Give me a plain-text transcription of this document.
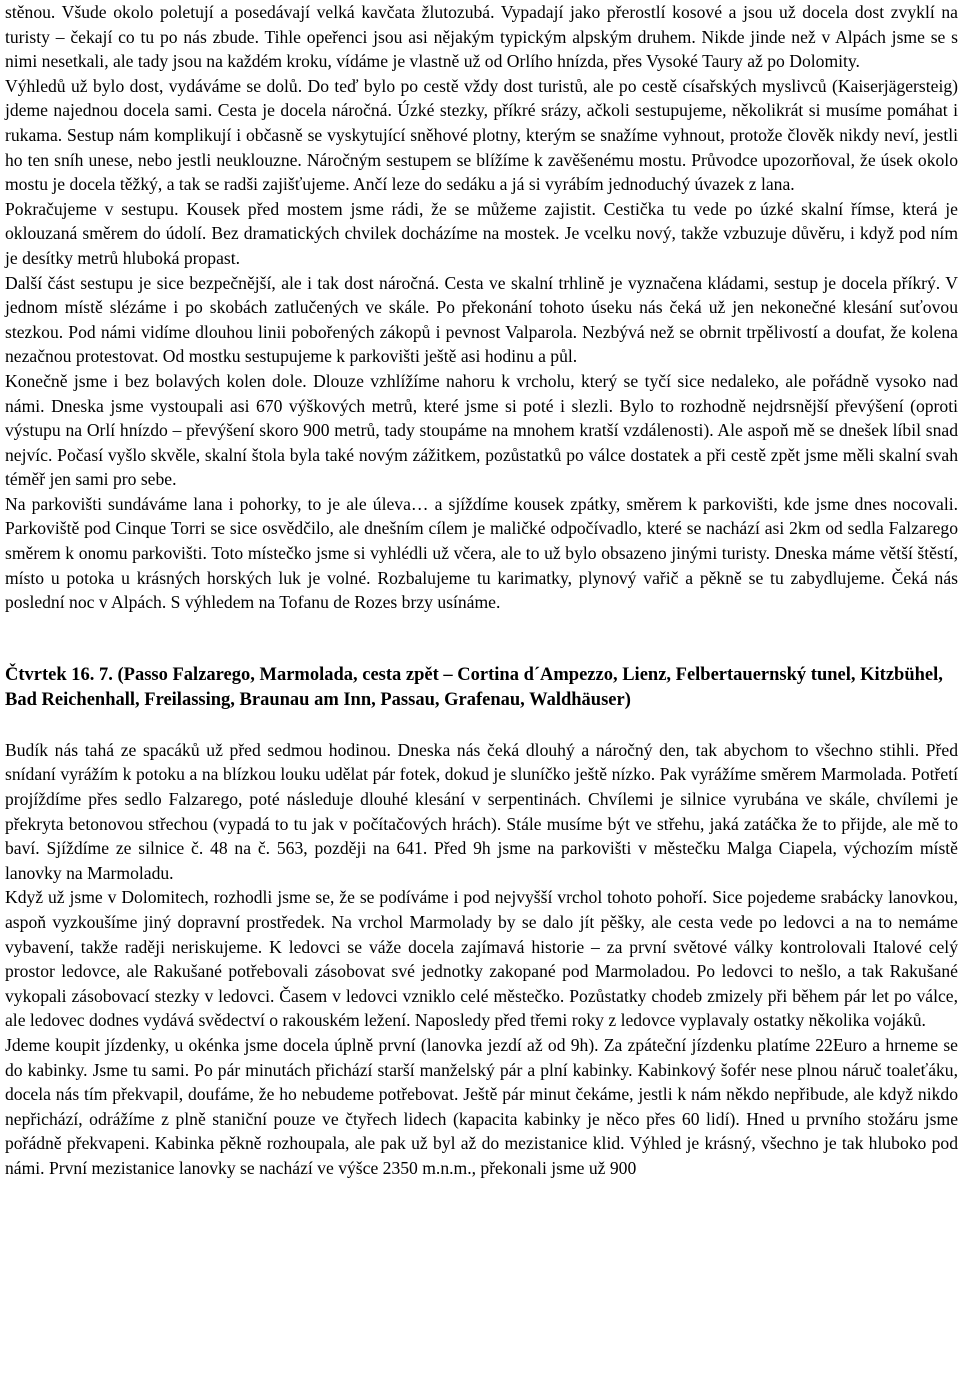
stěnou. Všude okolo poletují a posedávají velká kavčata žlutozubá. Vypadají jako přerostlí kosové a jsou už docela dost zvyklí na turisty – čekají co tu po nás zbude. Tihle opeřenci jsou asi nějakým typickým alpským druhem. Nikde jinde než v Alpách jsme se s nimi nesetkali, ale tady jsou na každém kroku, vídáme je vlastně už od Orlího hnízda, přes Vysoké Taury až po Dolomity.

Výhledů už bylo dost, vydáváme se dolů. Do teď bylo po cestě vždy dost turistů, ale po cestě císařských myslivců (Kaiserjägersteig) jdeme najednou docela sami. Cesta je docela náročná. Úzké stezky, příkré srázy, ačkoli sestupujeme, několikrát si musíme pomáhat i rukama. Sestup nám komplikují i občasně se vyskytující sněhové plotny, kterým se snažíme vyhnout, protože člověk nikdy neví, jestli ho ten sníh unese, nebo jestli neuklouzne. Náročným sestupem se blížíme k zavěšenému mostu. Průvodce upozorňoval, že úsek okolo mostu je docela těžký, a tak se radši zajišťujeme. Ančí leze do sedáku a já si vyrábím jednoduchý úvazek z lana.

Pokračujeme v sestupu. Kousek před mostem jsme rádi, že se můžeme zajistit. Cestička tu vede po úzké skalní římse, která je oklouzaná směrem do údolí. Bez dramatických chvilek docházíme na mostek. Je vcelku nový, takže vzbuzuje důvěru, i když pod ním je desítky metrů hluboká propast.

Další část sestupu je sice bezpečnější, ale i tak dost náročná. Cesta ve skalní trhlině je vyznačena kládami, sestup je docela příkrý. V jednom místě slézáme i po skobách zatlučených ve skále. Po překonání tohoto úseku nás čeká už jen nekonečné klesání suťovou stezkou. Pod námi vidíme dlouhou linii pobořených zákopů i pevnost Valparola. Nezbývá než se obrnit trpělivostí a doufat, že kolena nezačnou protestovat. Od mostku sestupujeme k parkovišti ještě asi hodinu a půl.

Konečně jsme i bez bolavých kolen dole. Dlouze vzhlížíme nahoru k vrcholu, který se tyčí sice nedaleko, ale pořádně vysoko nad námi. Dneska jsme vystoupali asi 670 výškových metrů, které jsme si poté i slezli. Bylo to rozhodně nejdrsnější převýšení (oproti výstupu na Orlí hnízdo – převýšení skoro 900 metrů, tady stoupáme na mnohem kratší vzdálenosti). Ale aspoň mě se dnešek líbil snad nejvíc. Počasí vyšlo skvěle, skalní štola byla také novým zážitkem, pozůstatků po válce dostatek a při cestě zpět jsme měli skalní svah téměř jen sami pro sebe.

Na parkovišti sundáváme lana i pohorky, to je ale úleva… a sjíždíme kousek zpátky, směrem k parkovišti, kde jsme dnes nocovali. Parkoviště pod Cinque Torri se sice osvědčilo, ale dnešním cílem je maličké odpočívadlo, které se nachází asi 2km od sedla Falzarego směrem k onomu parkovišti. Toto místečko jsme si vyhlédli už včera, ale to už bylo obsazeno jinými turisty. Dneska máme větší štěstí, místo u potoka u krásných horských luk je volné. Rozbalujeme tu karimatky, plynový vařič a pěkně se tu zabydlujeme. Čeká nás poslední noc v Alpách. S výhledem na Tofanu de Rozes brzy usínáme.

Čtvrtek 16. 7. (Passo Falzarego, Marmolada, cesta zpět – Cortina d´Ampezzo, Lienz, Felbertauernský tunel, Kitzbühel, Bad Reichenhall, Freilassing, Braunau am Inn, Passau, Grafenau, Waldhäuser)

Budík nás tahá ze spacáků už před sedmou hodinou. Dneska nás čeká dlouhý a náročný den, tak abychom to všechno stihli. Před snídaní vyrážím k potoku a na blízkou louku udělat pár fotek, dokud je sluníčko ještě nízko. Pak vyrážíme směrem Marmolada. Potřetí projíždíme přes sedlo Falzarego, poté následuje dlouhé klesání v serpentinách. Chvílemi je silnice vyrubána ve skále, chvílemi je překryta betonovou střechou (vypadá to tu jak v počítačových hrách). Stále musíme být ve střehu, jaká zatáčka že to přijde, ale mě to baví. Sjíždíme ze silnice č. 48 na č. 563, později na 641. Před 9h jsme na parkovišti v městečku Malga Ciapela, výchozím místě lanovky na Marmoladu.

Když už jsme v Dolomitech, rozhodli jsme se, že se podíváme i pod nejvyšší vrchol tohoto pohoří. Sice pojedeme srabácky lanovkou, aspoň vyzkoušíme jiný dopravní prostředek. Na vrchol Marmolady by se dalo jít pěšky, ale cesta vede po ledovci a na to nemáme vybavení, takže raději neriskujeme. K ledovci se váže docela zajímavá historie – za první světové války kontrolovali Italové celý prostor ledovce, ale Rakušané potřebovali zásobovat své jednotky zakopané pod Marmoladou. Po ledovci to nešlo, a tak Rakušané vykopali zásobovací stezky v ledovci. Časem v ledovci vzniklo celé městečko. Pozůstatky chodeb zmizely při během pár let po válce, ale ledovec dodnes vydává svědectví o rakouském ležení. Naposledy před třemi roky z ledovce vyplavaly ostatky několika vojáků.

Jdeme koupit jízdenky, u okénka jsme docela úplně první (lanovka jezdí až od 9h). Za zpáteční jízdenku platíme 22Euro a hrneme se do kabinky. Jsme tu sami. Po pár minutách přichází starší manželský pár a plní kabinky. Kabinkový šofér nese plnou náruč toaleťáku, docela nás tím překvapil, doufáme, že ho nebudeme potřebovat. Ještě pár minut čekáme, jestli k nám někdo nepřibude, ale když nikdo nepřichází, odrážíme z plně staniční pouze ve čtyřech lidech (kapacita kabinky je něco přes 60 lidí). Hned u prvního stožáru jsme pořádně překvapeni. Kabinka pěkně rozhoupala, ale pak už byl až do mezistanice klid. Výhled je krásný, všechno je tak hluboko pod námi. První mezistanice lanovky se nachází ve výšce 2350 m.n.m., překonali jsme už 900
